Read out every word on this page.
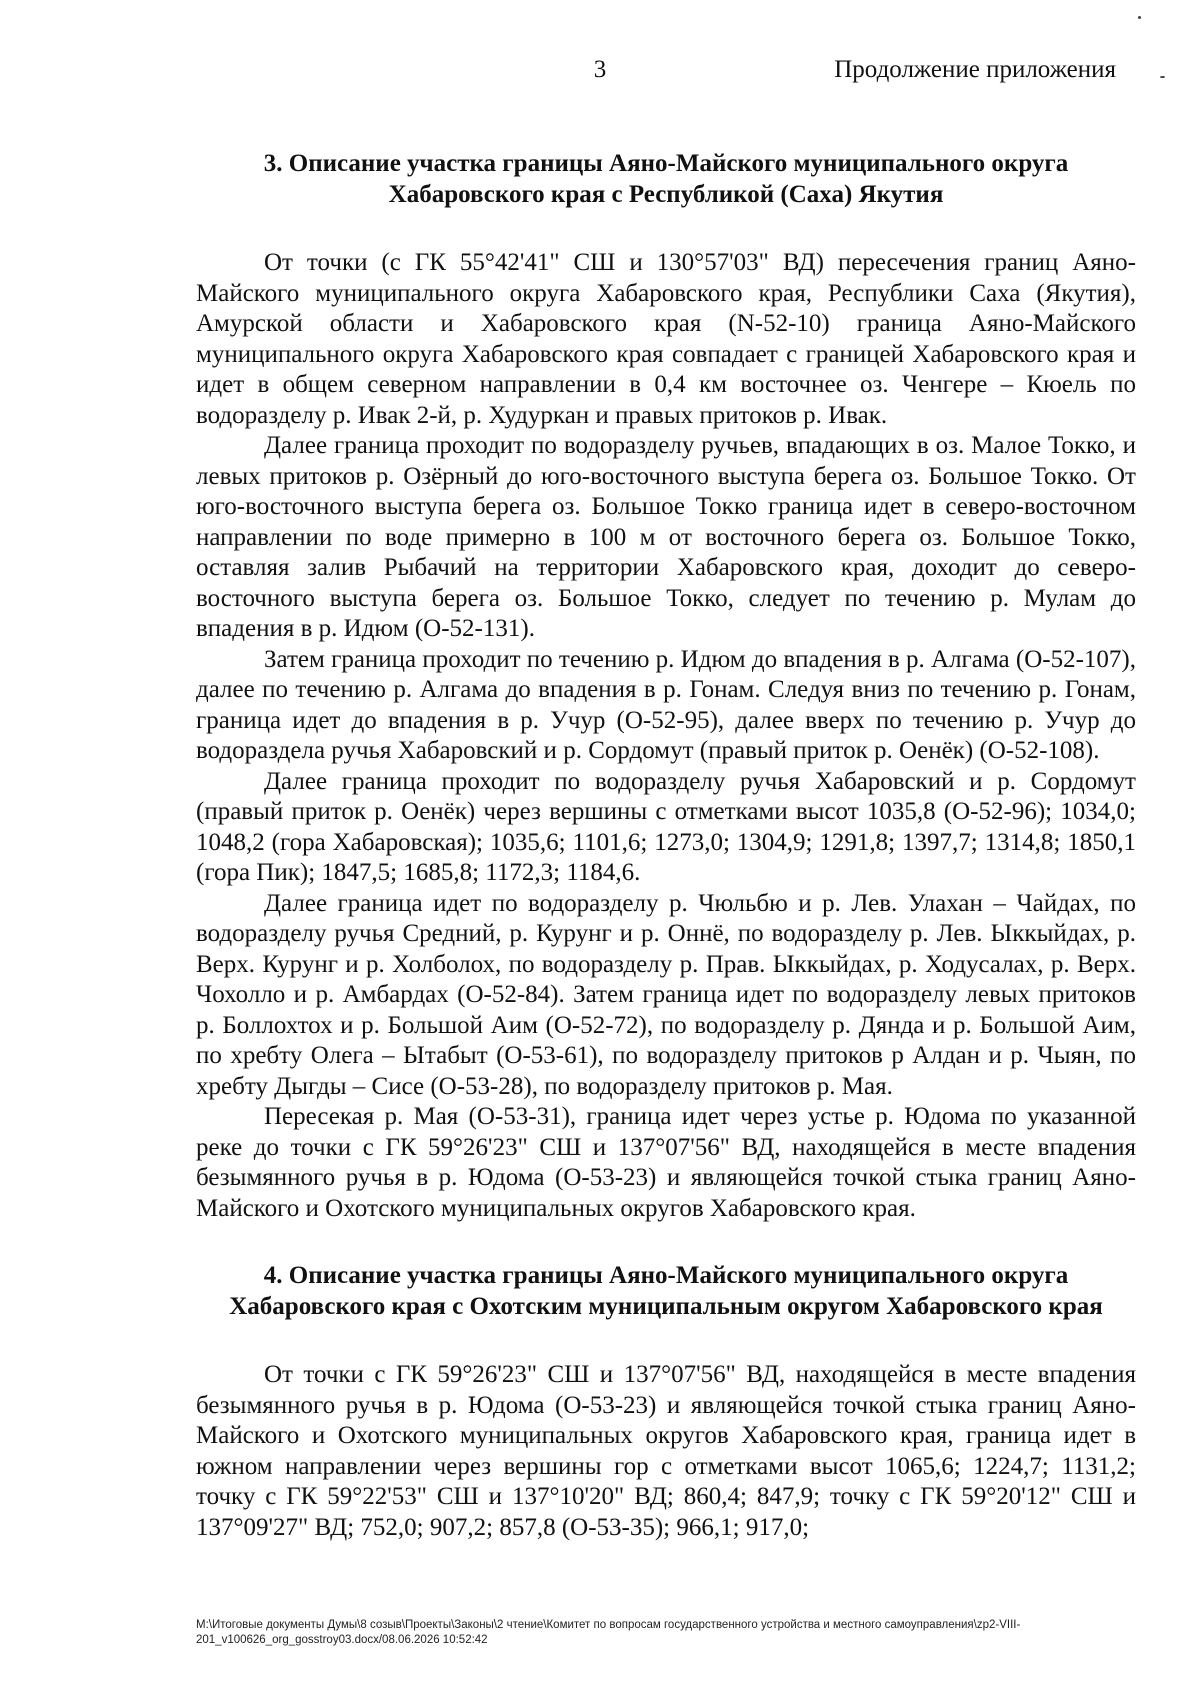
3	Продолжение приложения
3. Описание участка границы Аяно-Майского муниципального округа
Хабаровского края с Республикой (Саха) Якутия

От точки (с ГК 55°42'41" СШ и 130°57'03" ВД) пересечения границ Аяно-Майского муниципального округа Хабаровского края, Республики Саха (Якутия), Амурской области и Хабаровского края (N-52-10) граница Аяно-Майского муниципального округа Хабаровского края совпадает с границей Хабаровского края и идет в общем северном направлении в 0,4 км восточнее оз. Ченгере – Кюель по водоразделу р. Ивак 2-й, р. Худуркан и правых притоков р. Ивак.

Далее граница проходит по водоразделу ручьев, впадающих в оз. Малое Токко, и левых притоков р. Озёрный до юго-восточного выступа берега оз. Большое Токко. От юго-восточного выступа берега оз. Большое Токко граница идет в северо-восточном направлении по воде примерно в 100 м от восточного берега оз. Большое Токко, оставляя залив Рыбачий на территории Хабаровского края, доходит до северо-восточного выступа берега оз. Большое Токко, следует по течению р. Мулам до впадения в р. Идюм (O-52-131).

Затем граница проходит по течению р. Идюм до впадения в р. Алгама (O-52-107), далее по течению р. Алгама до впадения в р. Гонам. Следуя вниз по течению р. Гонам, граница идет до впадения в р. Учур (O-52-95), далее вверх по течению р. Учур до водораздела ручья Хабаровский и р. Сордомут (правый приток р. Оенёк) (O-52-108).

Далее граница проходит по водоразделу ручья Хабаровский и р. Сордомут (правый приток р. Оенёк) через вершины с отметками высот 1035,8 (O-52-96); 1034,0; 1048,2 (гора Хабаровская); 1035,6; 1101,6; 1273,0; 1304,9; 1291,8; 1397,7; 1314,8; 1850,1 (гора Пик); 1847,5; 1685,8; 1172,3; 1184,6.

Далее граница идет по водоразделу р. Чюльбю и р. Лев. Улахан – Чайдах, по водоразделу ручья Средний, р. Курунг и р. Оннё, по водоразделу р. Лев. Ыккыйдах, р. Верх. Курунг и р. Холболох, по водоразделу р. Прав. Ыккыйдах, р. Ходусалах, р. Верх. Чохолло и р. Амбардах (O-52-84). Затем граница идет по водоразделу левых притоков р. Боллохтох и р. Большой Аим (O-52-72), по водоразделу р. Дянда и р. Большой Аим, по хребту Олега – Ытабыт (O-53-61), по водоразделу притоков р Алдан и р. Чыян, по хребту Дыгды – Сисе (O-53-28), по водоразделу притоков р. Мая.

Пересекая р. Мая (O-53-31), граница идет через устье р. Юдома по указанной реке до точки с ГК 59°26'23" СШ и 137°07'56" ВД, находящейся в месте впадения безымянного ручья в р. Юдома (O-53-23) и являющейся точкой стыка границ Аяно-Майского и Охотского муниципальных округов Хабаровского края.

4. Описание участка границы Аяно-Майского муниципального округа
Хабаровского края с Охотским муниципальным округом Хабаровского края

От точки с ГК 59°26'23" СШ и 137°07'56" ВД, находящейся в месте впадения безымянного ручья в р. Юдома (O-53-23) и являющейся точкой стыка границ Аяно-Майского и Охотского муниципальных округов Хабаровского края, граница идет в южном направлении через вершины гор с отметками высот 1065,6; 1224,7; 1131,2; точку с ГК 59°22'53" СШ и 137°10'20" ВД; 860,4; 847,9; точку с ГК 59°20'12" СШ и 137°09'27" ВД; 752,0; 907,2; 857,8 (O-53-35); 966,1; 917,0;

M:\Итоговые документы Думы\8 созыв\Проекты\Законы\2 чтение\Комитет по вопросам государственного устройства и местного самоуправления\zp2-VIII-
201_v100626_org_gosstroy03.docx/08.06.2026 10:52:42
